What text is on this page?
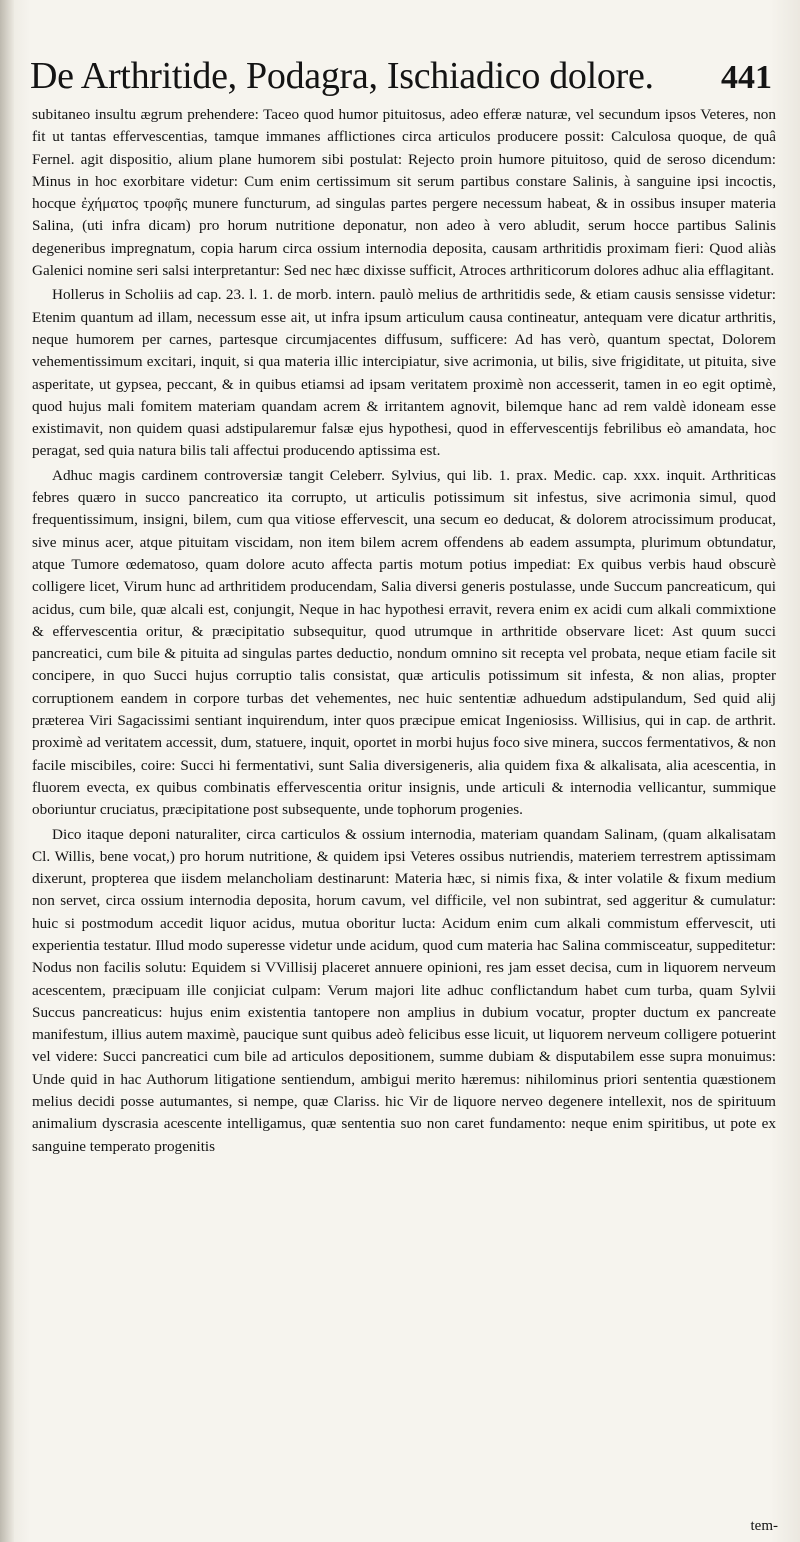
De Arthritide, Podagra, Ischiadico dolore. 441

subitaneo insultu ægrum prehendere: Taceo quod humor pituitosus, adeo efferæ naturæ, vel secundum ipsos Veteres, non fit ut tantas effervescentias, tamque immanes afflictiones circa articulos producere possit: Calculosa quoque, de quâ Fernel. agit dispositio, alium plane humorem sibi postulat: Rejecto proin humore pituitoso, quid de seroso dicendum: Minus in hoc exorbitare videtur: Cum enim certissimum sit serum partibus constare Salinis, à sanguine ipsi incoctis, hocque ἐχήματος τροφῆς munere functurum, ad singulas partes pergere necessum habeat, & in ossibus insuper materia Salina, (uti infra dicam) pro horum nutritione deponatur, non adeo à vero abludit, serum hocce partibus Salinis degeneribus impregnatum, copia harum circa ossium internodia deposita, causam arthritidis proximam fieri: Quod aliàs Galenici nomine seri salsi interpretantur: Sed nec hæc dixisse sufficit, Atroces arthriticorum dolores adhuc alia efflagitant.

Hollerus in Scholiis ad cap. 23. l. 1. de morb. intern. paulò melius de arthritidis sede, & etiam causis sensisse videtur: Etenim quantum ad illam, necessum esse ait, ut infra ipsum articulum causa contineatur, antequam vere dicatur arthritis, neque humorem per carnes, partesque circumjacentes diffusum, sufficere: Ad has verò, quantum spectat, Dolorem vehementissimum excitari, inquit, si qua materia illic intercipiatur, sive acrimonia, ut bilis, sive frigiditate, ut pituita, sive asperitate, ut gypsea, peccant, & in quibus etiamsi ad ipsam veritatem proximè non accesserit, tamen in eo egit optimè, quod hujus mali fomitem materiam quandam acrem & irritantem agnovit, bilemque hanc ad rem valdè idoneam esse existimavit, non quidem quasi adstipularemur falsæ ejus hypothesi, quod in effervescentijs febrilibus eò amandata, hoc peragat, sed quia natura bilis tali affectui producendo aptissima est.

Adhuc magis cardinem controversiæ tangit Celeberr. Sylvius, qui lib. 1. prax. Medic. cap. xxx. inquit. Arthriticas febres quæro in succo pancreatico ita corrupto, ut articulis potissimum sit infestus, sive acrimonia simul, quod frequentissimum, insigni, bilem, cum qua vitiose effervescit, una secum eo deducat, & dolorem atrocissimum producat, sive minus acer, atque pituitam viscidam, non item bilem acrem offendens ab eadem assumpta, plurimum obtundatur, atque Tumore œdematoso, quam dolore acuto affecta partis motum potius impediat: Ex quibus verbis haud obscurè colligere licet, Virum hunc ad arthritidem producendam, Salia diversi generis postulasse, unde Succum pancreaticum, qui acidus, cum bile, quæ alcali est, conjungit, Neque in hac hypothesi erravit, revera enim ex acidi cum alkali commixtione & effervescentia oritur, & præcipitatio subsequitur, quod utrumque in arthritide observare licet: Ast quum succi pancreatici, cum bile & pituita ad singulas partes deductio, nondum omnino sit recepta vel probata, neque etiam facile sit concipere, in quo Succi hujus corruptio talis consistat, quæ articulis potissimum sit infesta, & non alias, propter corruptionem eandem in corpore turbas det vehementes, nec huic sententiæ adhuedum adstipulandum, Sed quid alij præterea Viri Sagacissimi sentiant inquirendum, inter quos præcipue emicat Ingeniosiss. Willisius, qui in cap. de arthrit. proximè ad veritatem accessit, dum, statuere, inquit, oportet in morbi hujus foco sive minera, succos fermentativos, & non facile miscibiles, coire: Succi hi fermentativi, sunt Salia diversigeneris, alia quidem fixa & alkalisata, alia acescentia, in fluorem evecta, ex quibus combinatis effervescentia oritur insignis, unde articuli & internodia vellicantur, summique oboriuntur cruciatus, præcipitatione post subsequente, unde tophorum progenies.

Dico itaque deponi naturaliter, circa carticulos & ossium internodia, materiam quandam Salinam, (quam alkalisatam Cl. Willis, bene vocat,) pro horum nutritione, & quidem ipsi Veteres ossibus nutriendis, materiem terrestrem aptissimam dixerunt, propterea que iisdem melancholiam destinarunt: Materia hæc, si nimis fixa, & inter volatile & fixum medium non servet, circa ossium internodia deposita, horum cavum, vel difficile, vel non subintrat, sed aggeritur & cumulatur: huic si postmodum accedit liquor acidus, mutua oboritur lucta: Acidum enim cum alkali commistum effervescit, uti experientia testatur. Illud modo superesse videtur unde acidum, quod cum materia hac Salina commisceatur, suppeditetur: Nodus non facilis solutu: Equidem si VVillisij placeret annuere opinioni, res jam esset decisa, cum in liquorem nerveum acescentem, præcipuam ille conjiciat culpam: Verum majori lite adhuc conflictandum habet cum turba, quam Sylvii Succus pancreaticus: hujus enim existentia tantopere non amplius in dubium vocatur, propter ductum ex pancreate manifestum, illius autem maximè, paucique sunt quibus adeò felicibus esse licuit, ut liquorem nerveum colligere potuerint vel videre: Succi pancreatici cum bile ad articulos depositionem, summe dubiam & disputabilem esse supra monuimus: Unde quid in hac Authorum litigatione sentiendum, ambigui merito hæremus: nihilominus priori sententia quæstionem melius decidi posse autumantes, si nempe, quæ Clariss. hic Vir de liquore nerveo degenere intellexit, nos de spirituum animalium dyscrasia acescente intelligamus, quæ sententia suo non caret fundamento: neque enim spiritibus, ut pote ex sanguine temperato progenitis

tem-
